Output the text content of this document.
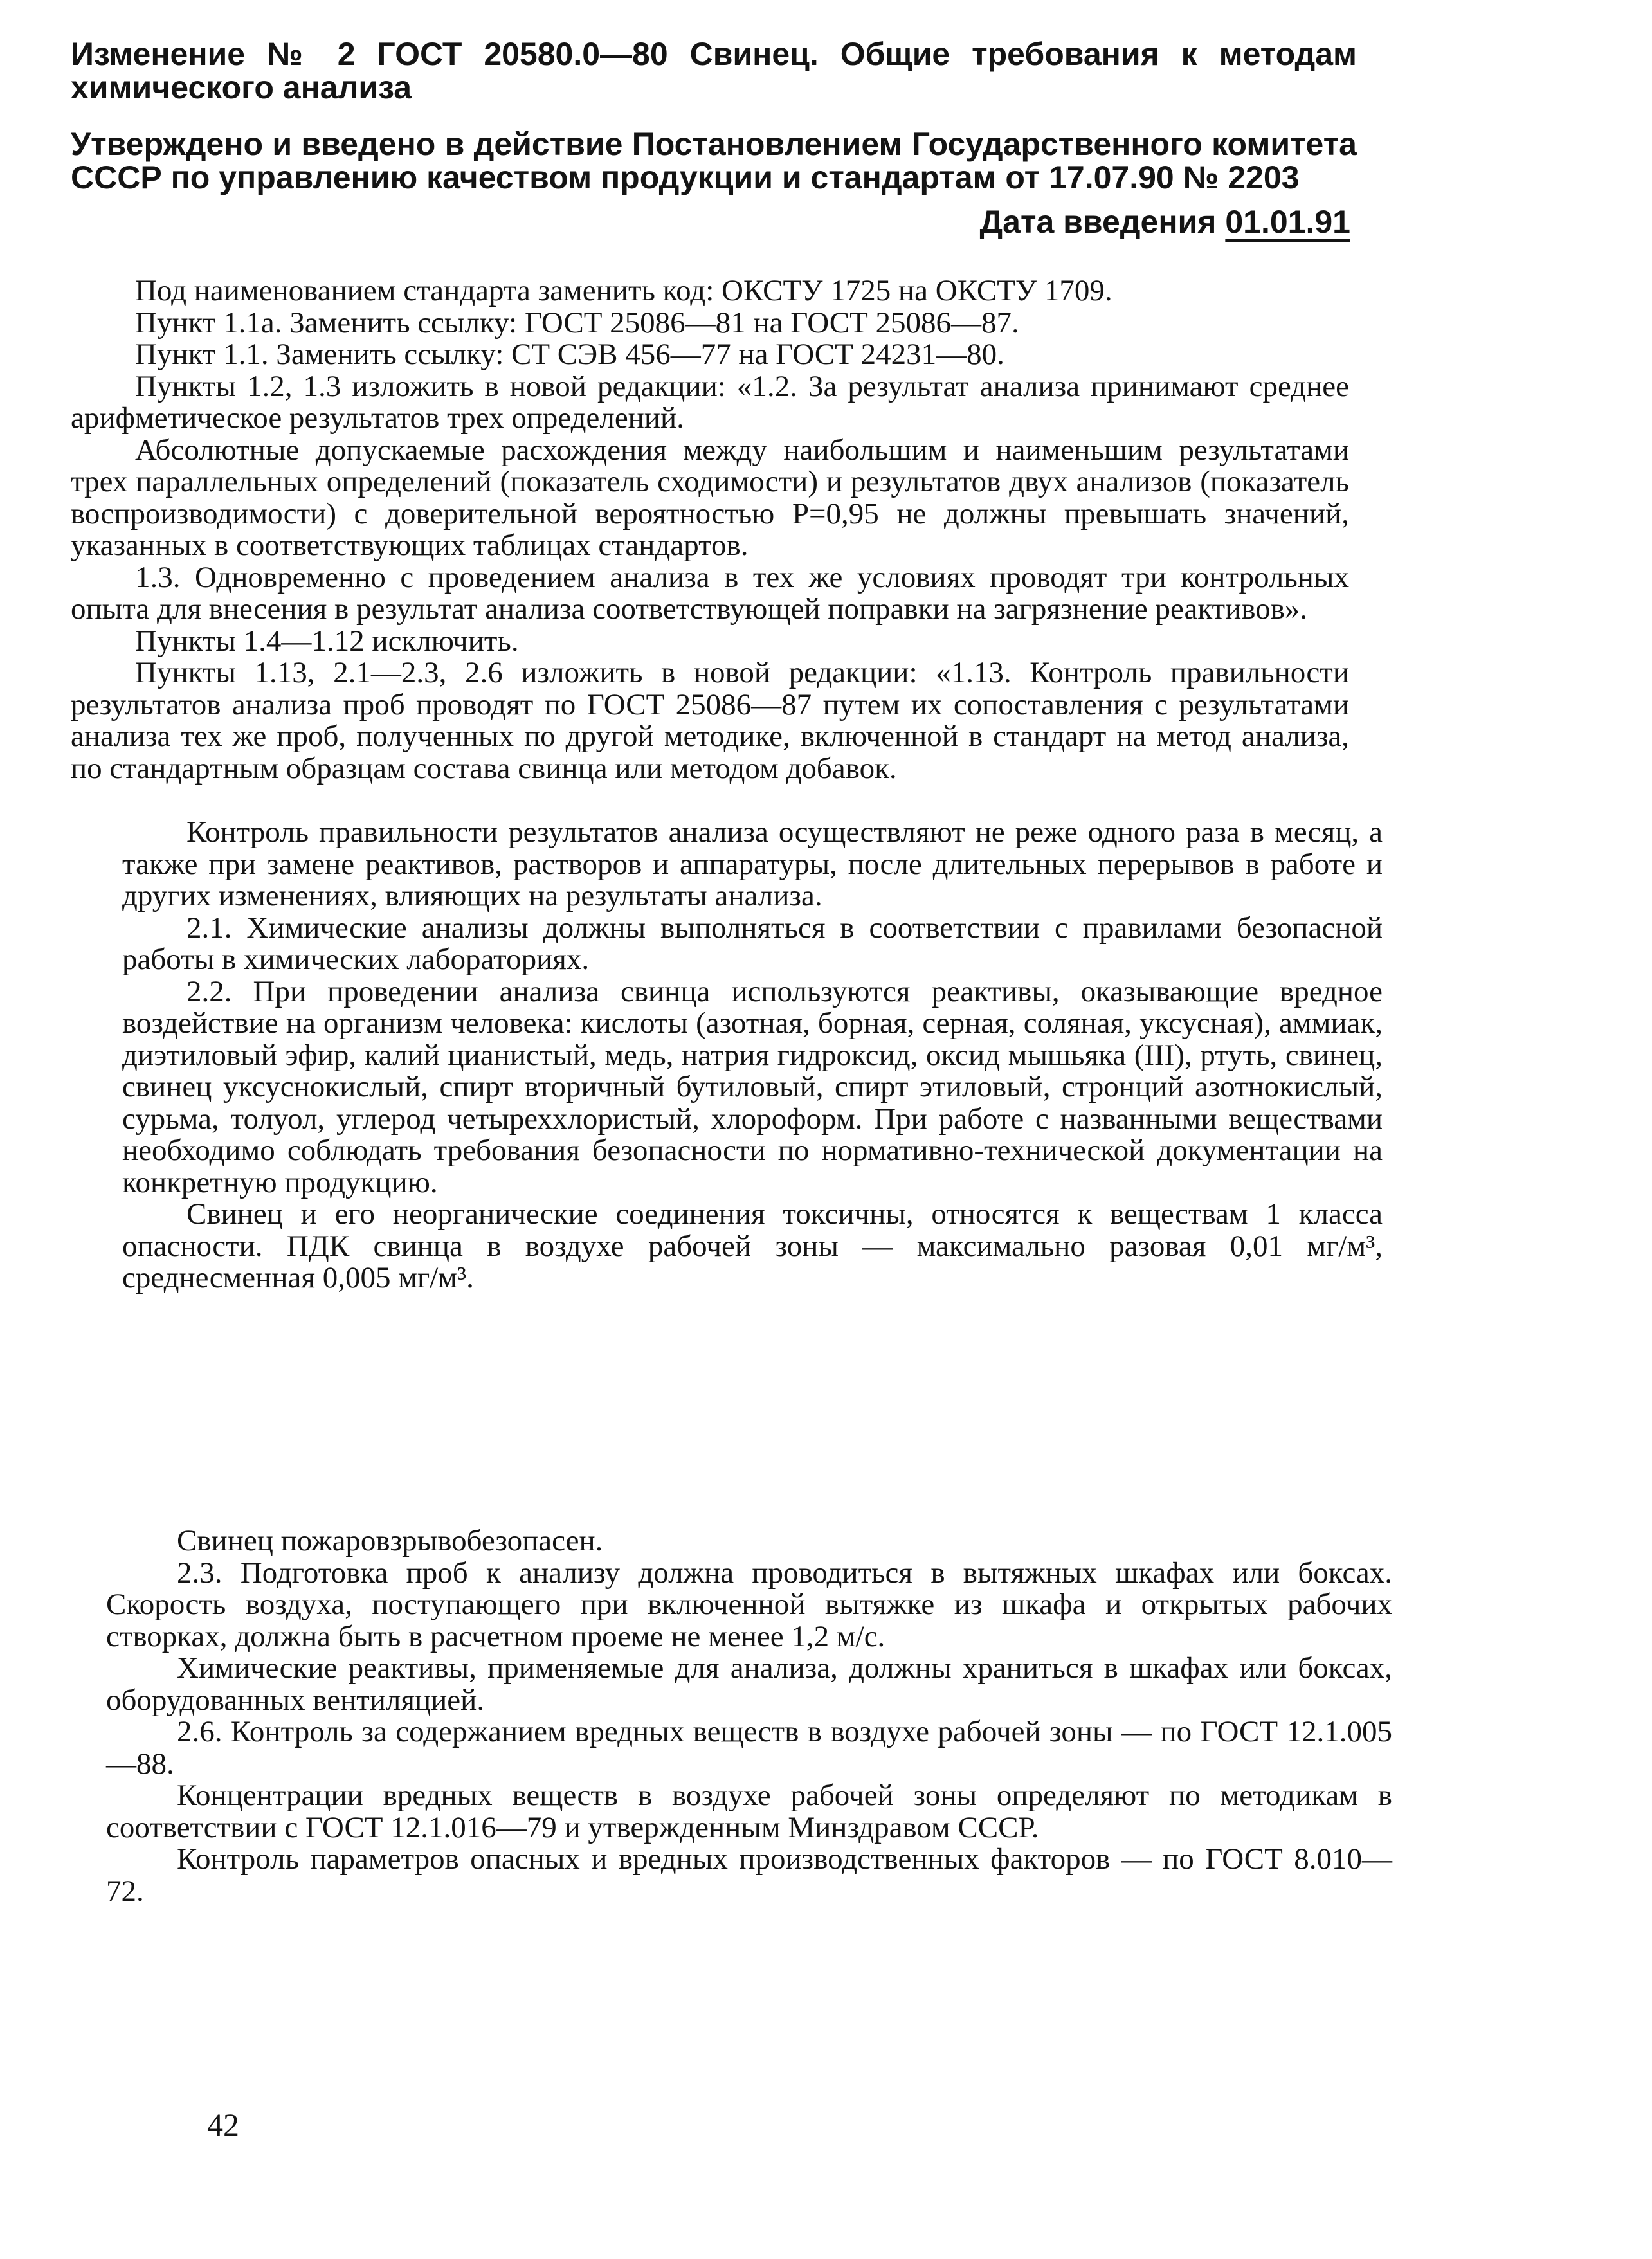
Изменение № 2 ГОСТ 20580.0—80 Свинец. Общие требования к методам химического анализа
Утверждено и введено в действие Постановлением Государственного комитета СССР по управлению качеством продукции и стандартам от 17.07.90 № 2203
Дата введения 01.01.91

Под наименованием стандарта заменить код: ОКСТУ 1725 на ОКСТУ 1709.

Пункт 1.1а. Заменить ссылку: ГОСТ 25086—81 на ГОСТ 25086—87.

Пункт 1.1. Заменить ссылку: СТ СЭВ 456—77 на ГОСТ 24231—80.

Пункты 1.2, 1.3 изложить в новой редакции: «1.2. За результат анализа принимают среднее арифметическое результатов трех определений.

Абсолютные допускаемые расхождения между наибольшим и наименьшим результатами трех параллельных определений (показатель сходимости) и результатов двух анализов (показатель воспроизводимости) с доверительной вероятностью P=0,95 не должны превышать значений, указанных в соответствующих таблицах стандартов.

1.3. Одновременно с проведением анализа в тех же условиях проводят три контрольных опыта для внесения в результат анализа соответствующей поправки на загрязнение реактивов».

Пункты 1.4—1.12 исключить.

Пункты 1.13, 2.1—2.3, 2.6 изложить в новой редакции: «1.13. Контроль правильности результатов анализа проб проводят по ГОСТ 25086—87 путем их сопоставления с результатами анализа тех же проб, полученных по другой методике, включенной в стандарт на метод анализа, по стандартным образцам состава свинца или методом добавок.

Контроль правильности результатов анализа осуществляют не реже одного раза в месяц, а также при замене реактивов, растворов и аппаратуры, после длительных перерывов в работе и других изменениях, влияющих на результаты анализа.

2.1. Химические анализы должны выполняться в соответствии с правилами безопасной работы в химических лабораториях.

2.2. При проведении анализа свинца используются реактивы, оказывающие вредное воздействие на организм человека: кислоты (азотная, борная, серная, соляная, уксусная), аммиак, диэтиловый эфир, калий цианистый, медь, натрия гидроксид, оксид мышьяка (III), ртуть, свинец, свинец уксуснокислый, спирт вторичный бутиловый, спирт этиловый, стронций азотнокислый, сурьма, толуол, углерод четыреххлористый, хлороформ. При работе с названными веществами необходимо соблюдать требования безопасности по нормативно-технической документации на конкретную продукцию.

Свинец и его неорганические соединения токсичны, относятся к веществам 1 класса опасности. ПДК свинца в воздухе рабочей зоны — максимально разовая 0,01 мг/м³, среднесменная 0,005 мг/м³.

Свинец пожаровзрывобезопасен.

2.3. Подготовка проб к анализу должна проводиться в вытяжных шкафах или боксах. Скорость воздуха, поступающего при включенной вытяжке из шкафа и открытых рабочих створках, должна быть в расчетном проеме не менее 1,2 м/с.

Химические реактивы, применяемые для анализа, должны храниться в шкафах или боксах, оборудованных вентиляцией.

2.6. Контроль за содержанием вредных веществ в воздухе рабочей зоны — по ГОСТ 12.1.005—88.

Концентрации вредных веществ в воздухе рабочей зоны определяют по методикам в соответствии с ГОСТ 12.1.016—79 и утвержденным Минздравом СССР.

Контроль параметров опасных и вредных производственных факторов — по ГОСТ 8.010—72.

42
